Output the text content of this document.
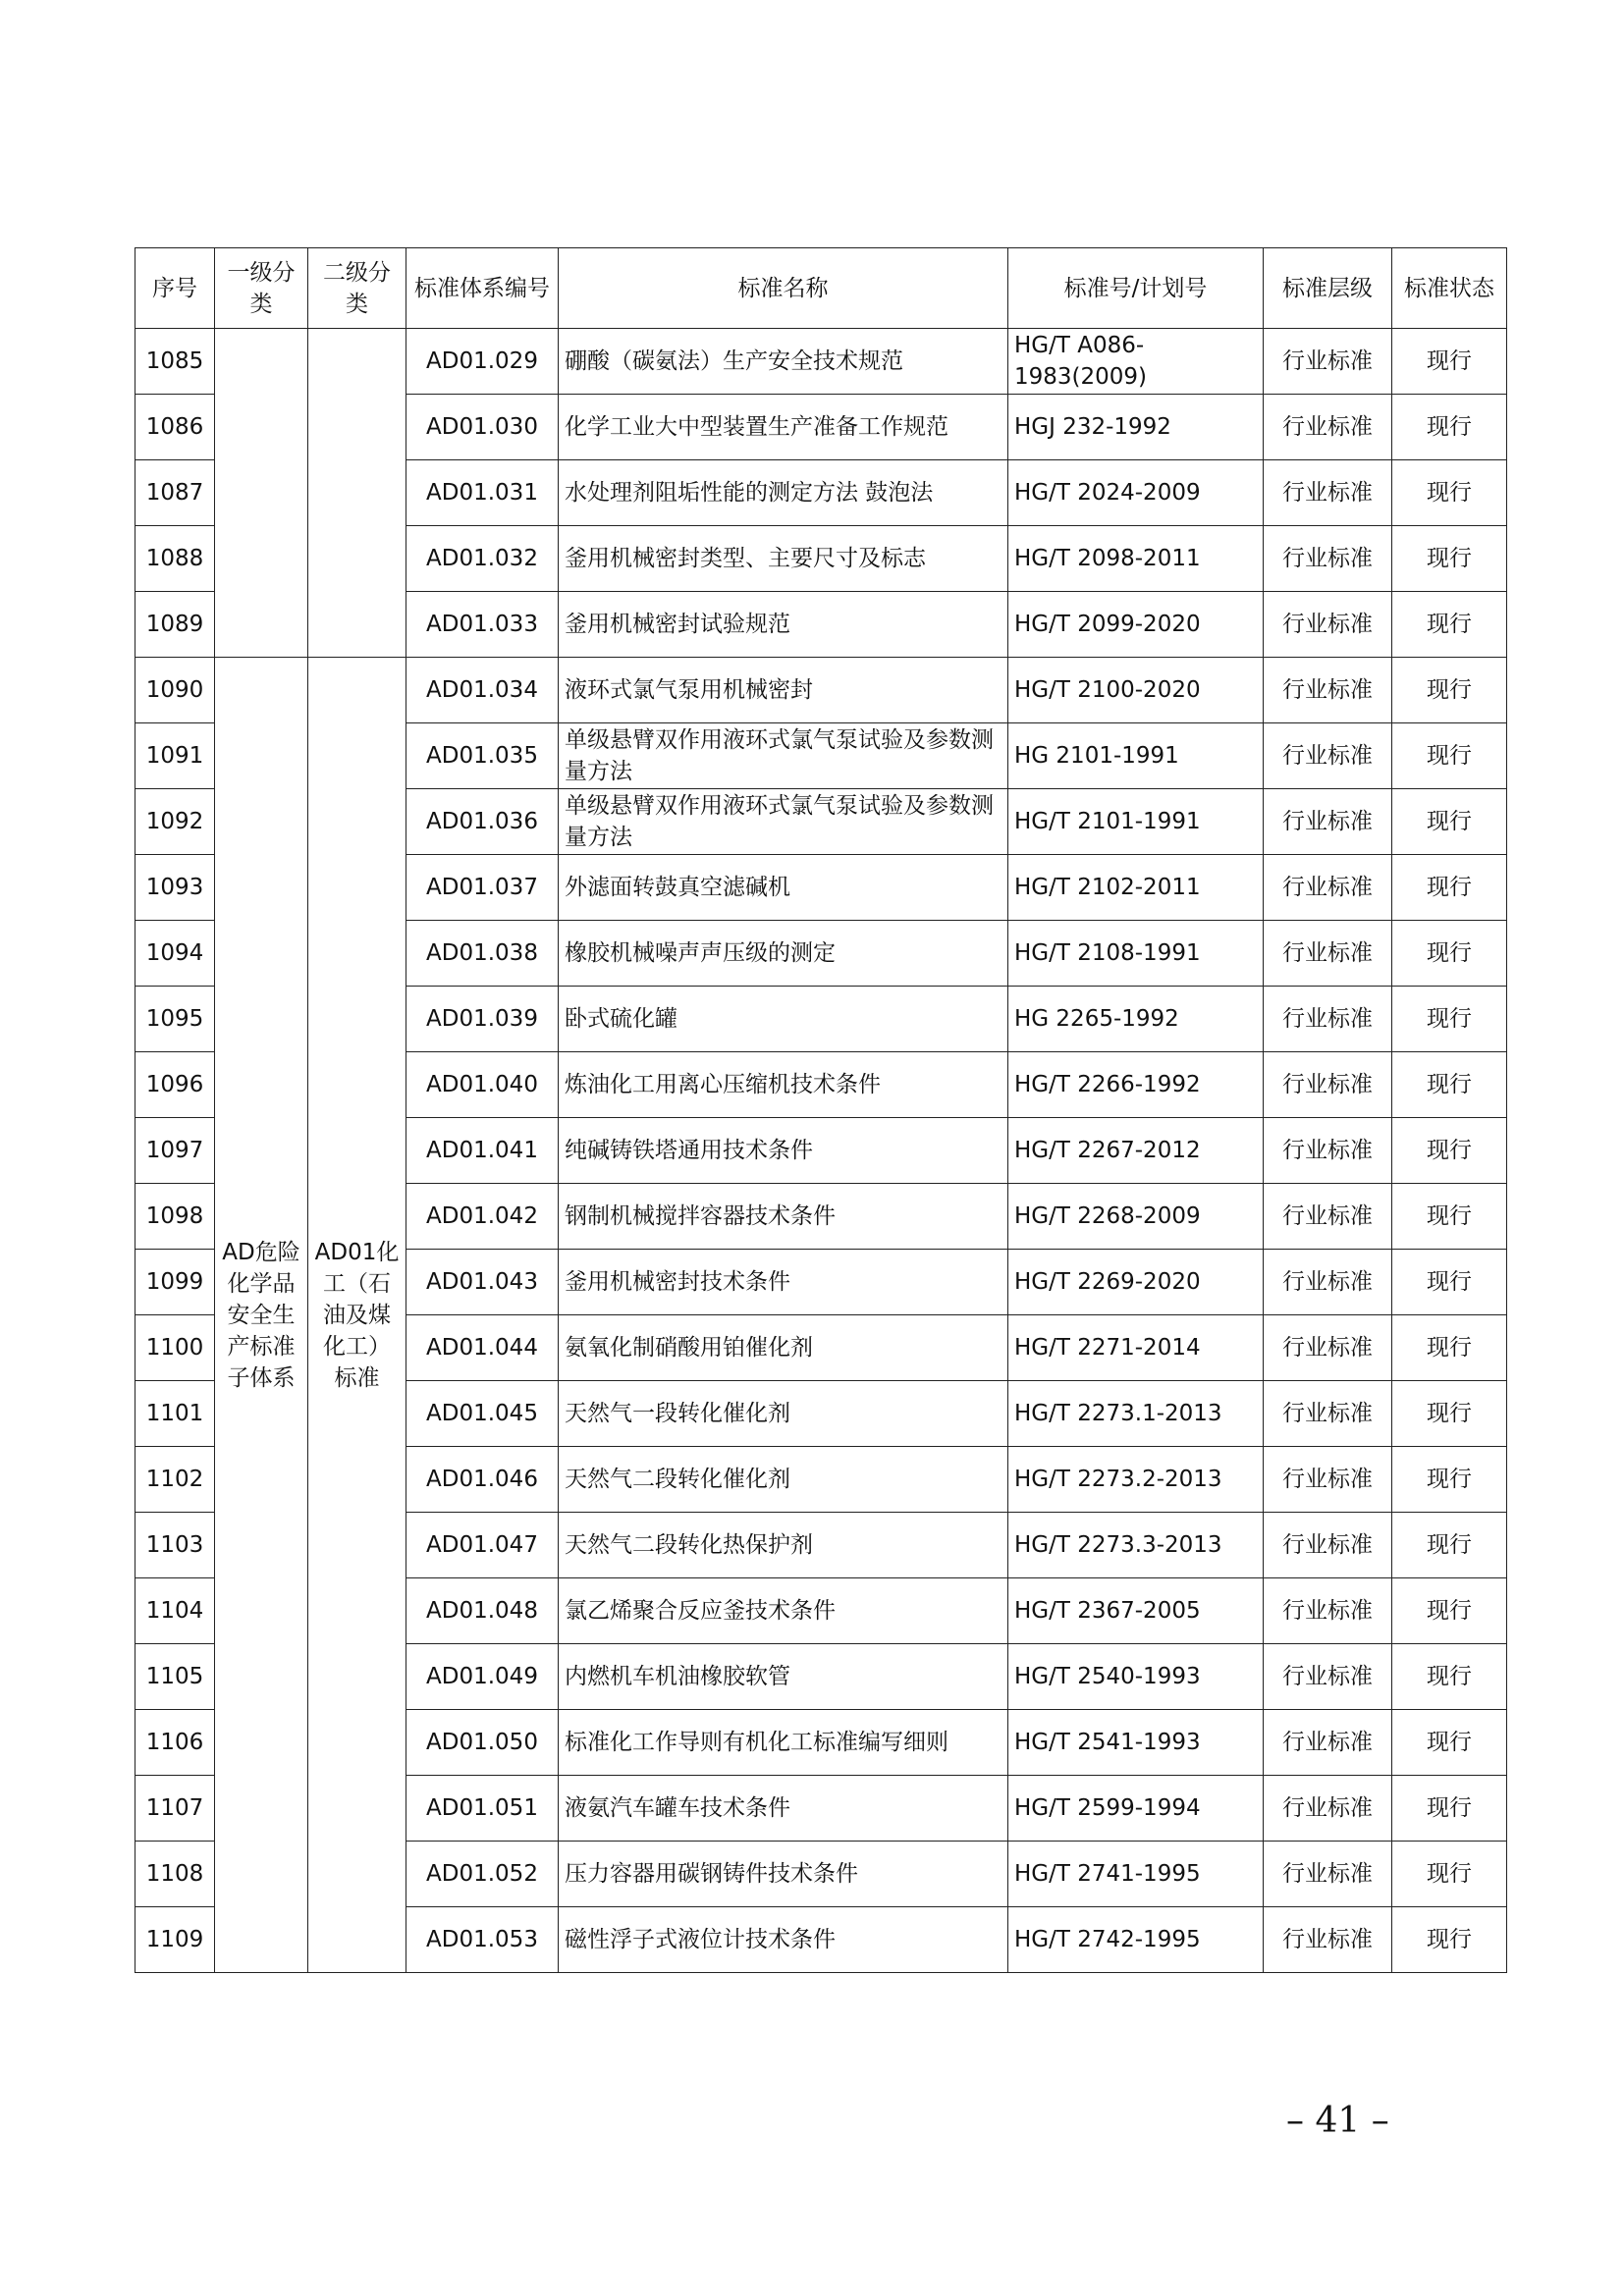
序号	一级分类	二级分类	标准体系编号	标准名称	标准号/计划号	标准层级	标准状态
1085			AD01.029	硼酸（碳氨法）生产安全技术规范	HG/T A086-1983(2009)	行业标准	现行
1086			AD01.030	化学工业大中型装置生产准备工作规范	HGJ 232-1992	行业标准	现行
1087			AD01.031	水处理剂阻垢性能的测定方法 鼓泡法	HG/T 2024-2009	行业标准	现行
1088			AD01.032	釜用机械密封类型、主要尺寸及标志	HG/T 2098-2011	行业标准	现行
1089			AD01.033	釜用机械密封试验规范	HG/T 2099-2020	行业标准	现行
1090	AD危险化学品安全生产标准子体系	AD01化工（石油及煤化工）标准	AD01.034	液环式氯气泵用机械密封	HG/T 2100-2020	行业标准	现行
1091			AD01.035	单级悬臂双作用液环式氯气泵试验及参数测量方法	HG 2101-1991	行业标准	现行
1092			AD01.036	单级悬臂双作用液环式氯气泵试验及参数测量方法	HG/T 2101-1991	行业标准	现行
1093			AD01.037	外滤面转鼓真空滤碱机	HG/T 2102-2011	行业标准	现行
1094			AD01.038	橡胶机械噪声声压级的测定	HG/T 2108-1991	行业标准	现行
1095			AD01.039	卧式硫化罐	HG 2265-1992	行业标准	现行
1096			AD01.040	炼油化工用离心压缩机技术条件	HG/T 2266-1992	行业标准	现行
1097			AD01.041	纯碱铸铁塔通用技术条件	HG/T 2267-2012	行业标准	现行
1098			AD01.042	钢制机械搅拌容器技术条件	HG/T 2268-2009	行业标准	现行
1099			AD01.043	釜用机械密封技术条件	HG/T 2269-2020	行业标准	现行
1100			AD01.044	氨氧化制硝酸用铂催化剂	HG/T 2271-2014	行业标准	现行
1101			AD01.045	天然气一段转化催化剂	HG/T 2273.1-2013	行业标准	现行
1102			AD01.046	天然气二段转化催化剂	HG/T 2273.2-2013	行业标准	现行
1103			AD01.047	天然气二段转化热保护剂	HG/T 2273.3-2013	行业标准	现行
1104			AD01.048	氯乙烯聚合反应釜技术条件	HG/T 2367-2005	行业标准	现行
1105			AD01.049	内燃机车机油橡胶软管	HG/T 2540-1993	行业标准	现行
1106			AD01.050	标准化工作导则有机化工标准编写细则	HG/T 2541-1993	行业标准	现行
1107			AD01.051	液氨汽车罐车技术条件	HG/T 2599-1994	行业标准	现行
1108			AD01.052	压力容器用碳钢铸件技术条件	HG/T 2741-1995	行业标准	现行
1109			AD01.053	磁性浮子式液位计技术条件	HG/T 2742-1995	行业标准	现行
– 41 –
